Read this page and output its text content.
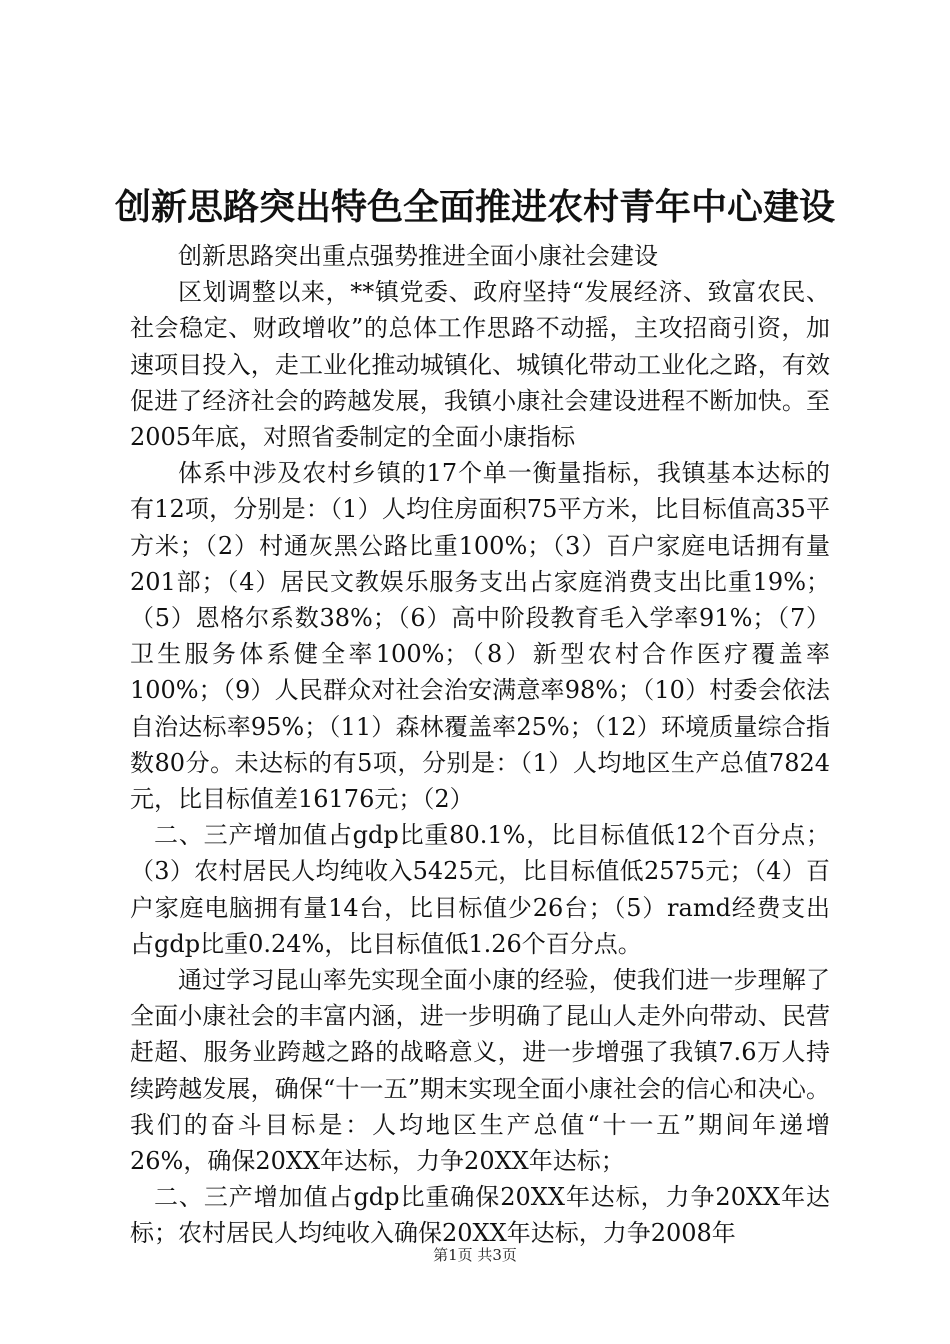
创新思路突出特色全面推进农村青年中心建设

创新思路突出重点强势推进全面小康社会建设

区划调整以来，**镇党委、政府坚持“发展经济、致富农民、社会稳定、财政增收”的总体工作思路不动摇，主攻招商引资，加速项目投入，走工业化推动城镇化、城镇化带动工业化之路，有效促进了经济社会的跨越发展，我镇小康社会建设进程不断加快。至2005年底，对照省委制定的全面小康指标

体系中涉及农村乡镇的17个单一衡量指标，我镇基本达标的有12项，分别是：（1）人均住房面积75平方米，比目标值高35平方米；（2）村通灰黑公路比重100%；（3）百户家庭电话拥有量201部；（4）居民文教娱乐服务支出占家庭消费支出比重19%；（5）恩格尔系数38%；（6）高中阶段教育毛入学率91%；（7）卫生服务体系健全率100%；（8）新型农村合作医疗覆盖率100%；（9）人民群众对社会治安满意率98%；（10）村委会依法自治达标率95%；（11）森林覆盖率25%；（12）环境质量综合指数80分。未达标的有5项，分别是：（1）人均地区生产总值7824元，比目标值差16176元；（2）

二、三产增加值占gdp比重80.1%，比目标值低12个百分点；（3）农村居民人均纯收入5425元，比目标值低2575元；（4）百户家庭电脑拥有量14台，比目标值少26台；（5）ramd经费支出占gdp比重0.24%，比目标值低1.26个百分点。

通过学习昆山率先实现全面小康的经验，使我们进一步理解了全面小康社会的丰富内涵，进一步明确了昆山人走外向带动、民营赶超、服务业跨越之路的战略意义，进一步增强了我镇7.6万人持续跨越发展，确保“十一五”期末实现全面小康社会的信心和决心。我们的奋斗目标是：人均地区生产总值“十一五”期间年递增26%，确保20XX年达标，力争20XX年达标；

二、三产增加值占gdp比重确保20XX年达标，力争20XX年达标；农村居民人均纯收入确保20XX年达标，力争2008年

第1页 共3页
